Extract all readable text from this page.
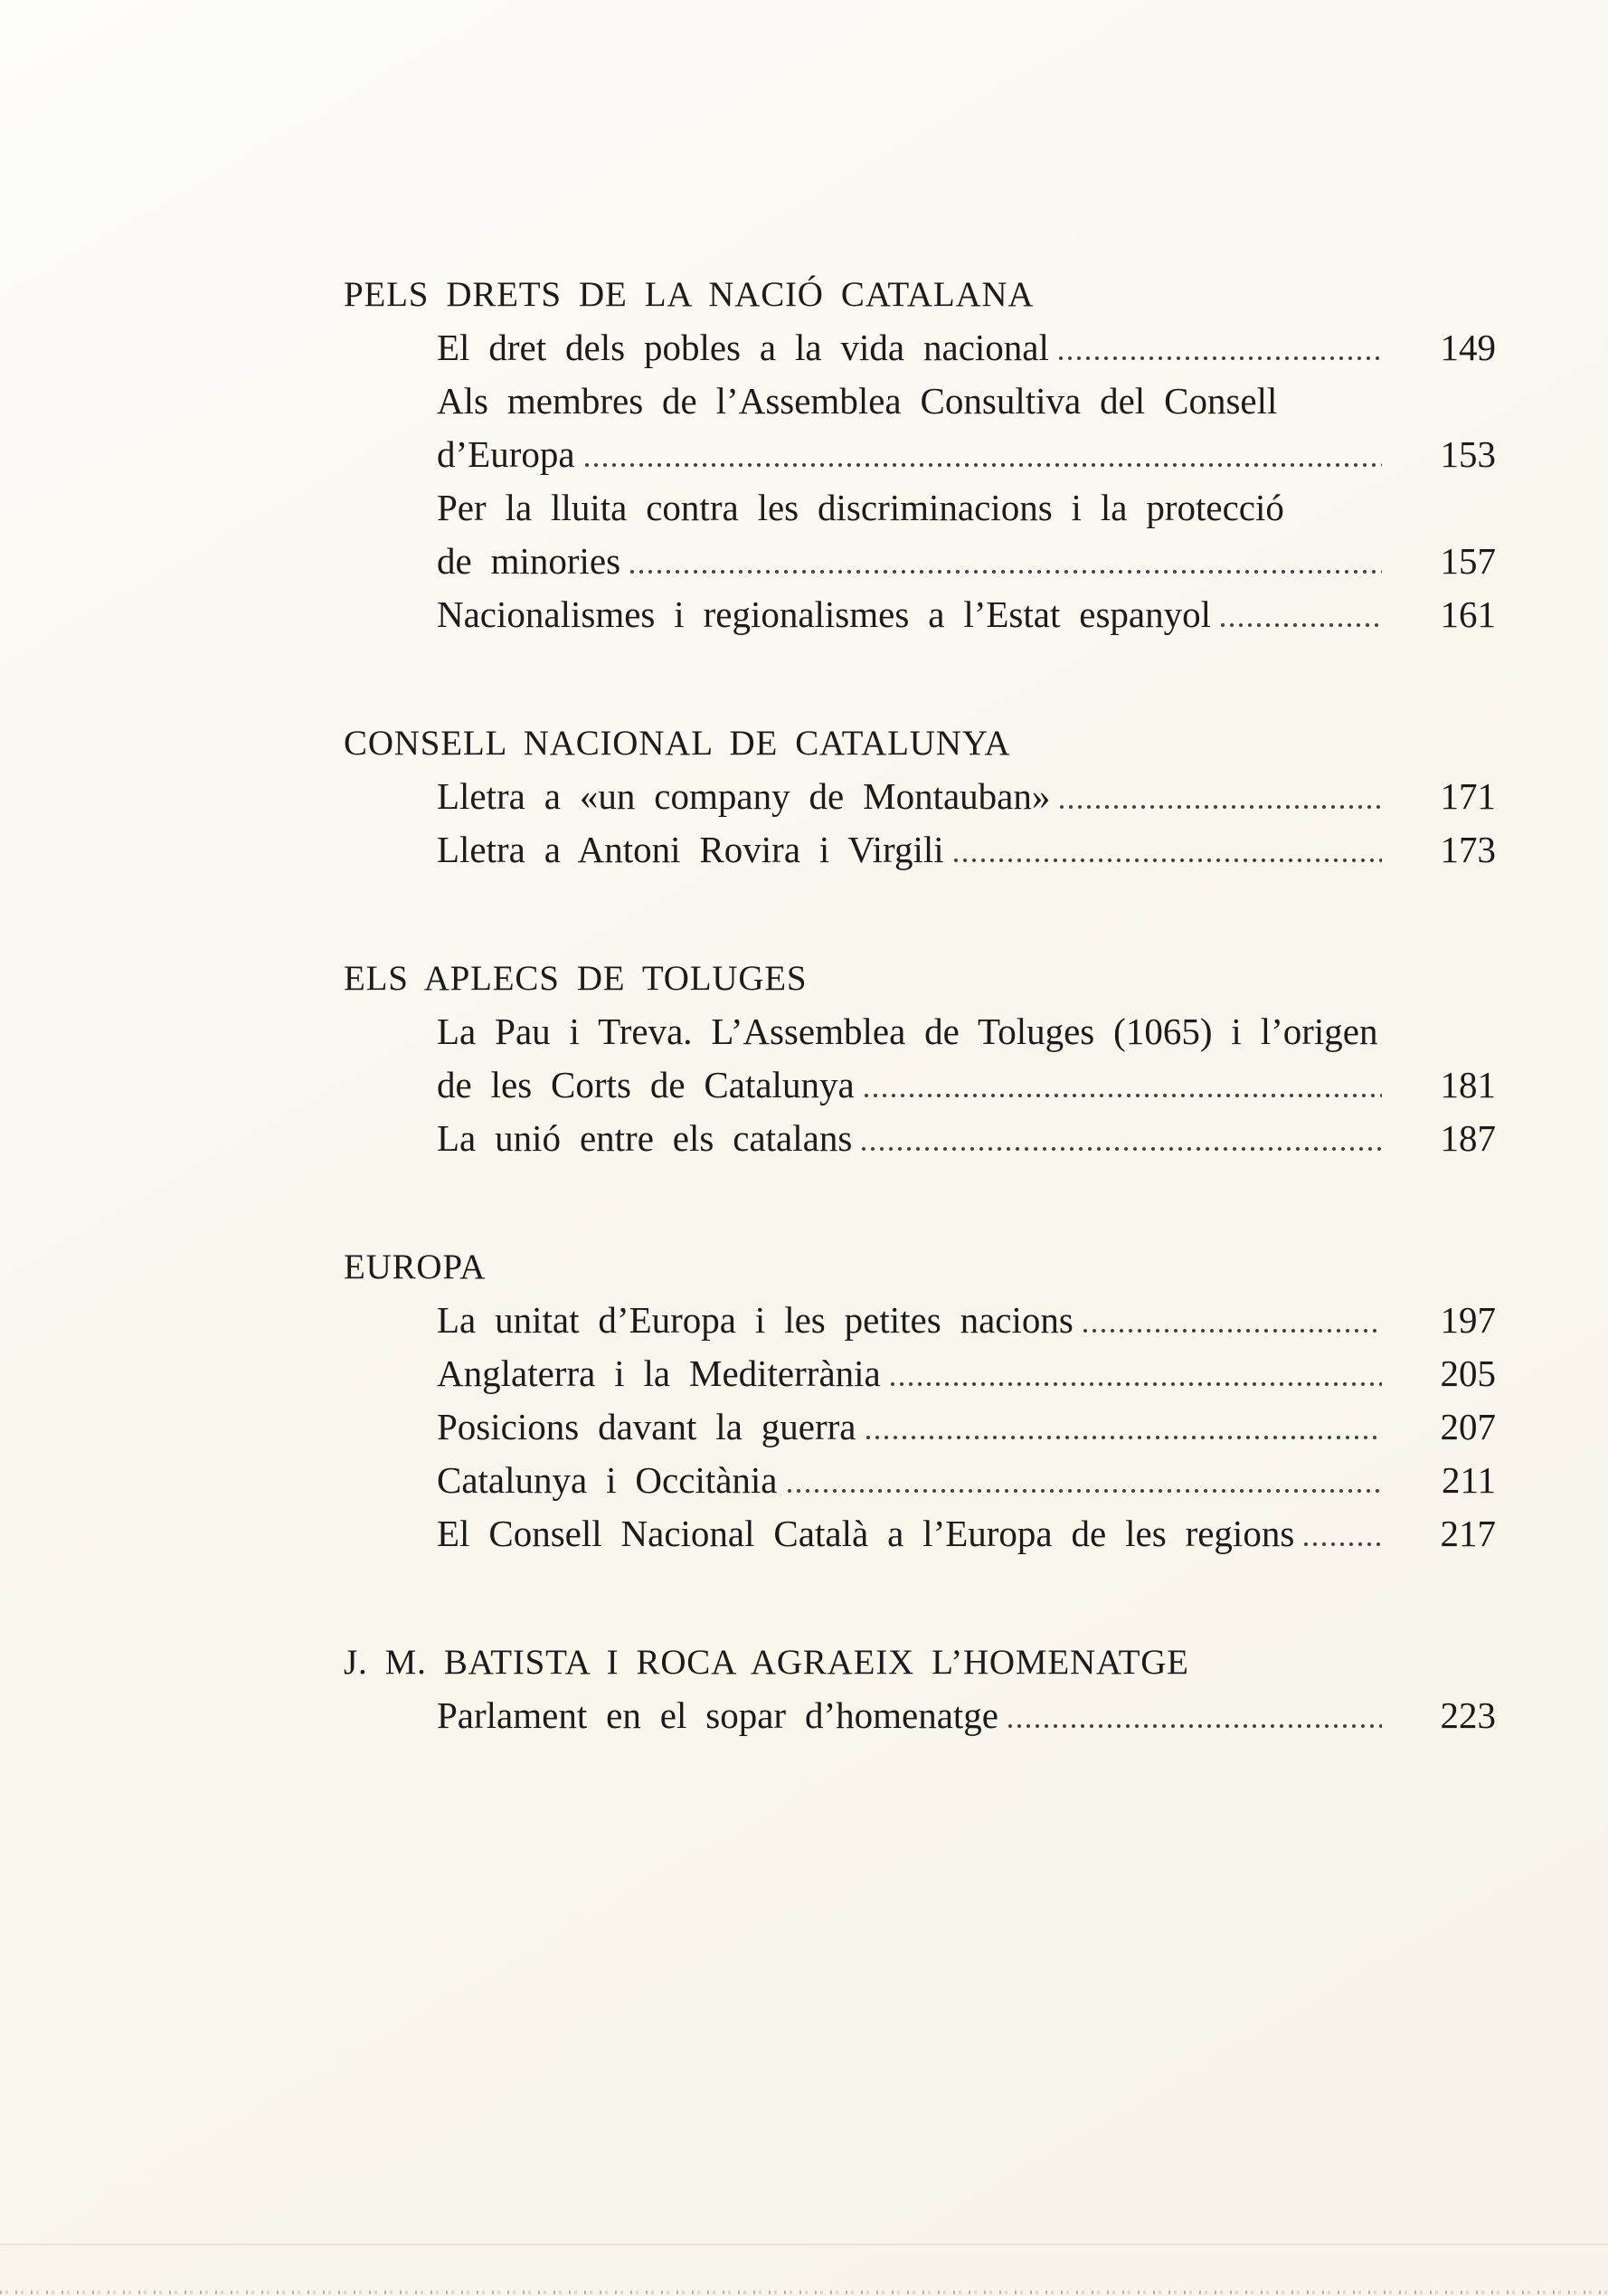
PELS DRETS DE LA NACIÓ CATALANA
El dret dels pobles a la vida nacional	149
Als membres de l’Assemblea Consultiva del Consell
d’Europa	153
Per la lluita contra les discriminacions i la protecció
de minories	157
Nacionalismes i regionalismes a l’Estat espanyol	161
CONSELL NACIONAL DE CATALUNYA
Lletra a «un company de Montauban»	171
Lletra a Antoni Rovira i Virgili	173
ELS APLECS DE TOLUGES
La Pau i Treva. L’Assemblea de Toluges (1065) i l’origen
de les Corts de Catalunya	181
La unió entre els catalans	187
EUROPA
La unitat d’Europa i les petites nacions	197
Anglaterra i la Mediterrània	205
Posicions davant la guerra	207
Catalunya i Occitània	211
El Consell Nacional Català a l’Europa de les regions	217
J. M. BATISTA I ROCA AGRAEIX L’HOMENATGE
Parlament en el sopar d’homenatge	223
